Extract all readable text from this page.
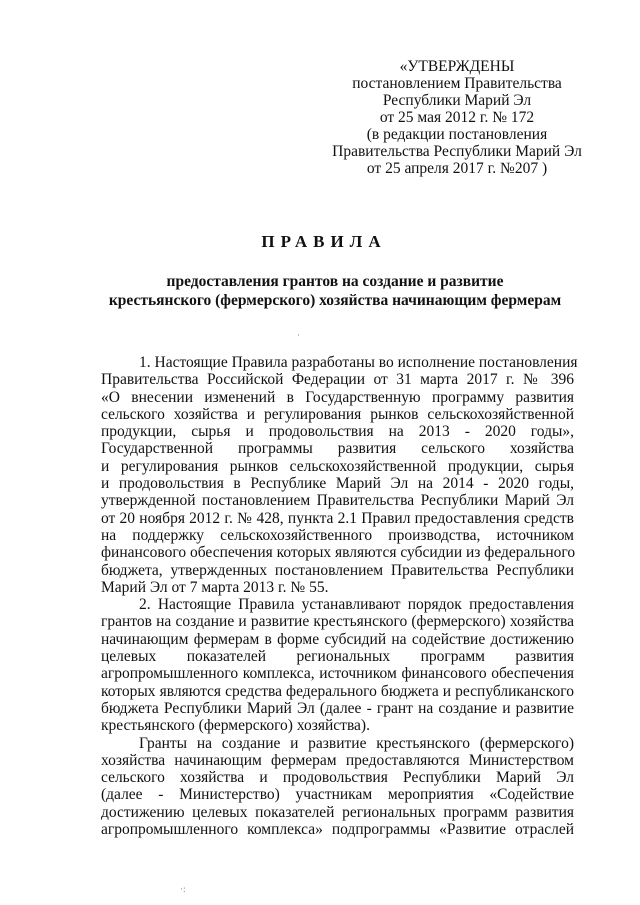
«УТВЕРЖДЕНЫ
постановлением Правительства
Республики Марий Эл
от 25 мая 2012 г. № 172
(в редакции постановления
Правительства Республики Марий Эл
от 25 апреля 2017 г. №207 )
ПРАВИЛА
предоставления грантов на создание и развитие
крестьянского (фермерского) хозяйства начинающим фермерам
1. Настоящие Правила разработаны во исполнение постановления
Правительства Российской Федерации от 31 марта 2017 г. № 396
«О внесении изменений в Государственную программу развития
сельского хозяйства и регулирования рынков сельскохозяйственной
продукции, сырья и продовольствия на 2013 - 2020 годы»,
Государственной программы развития сельского хозяйства
и регулирования рынков сельскохозяйственной продукции, сырья
и продовольствия в Республике Марий Эл на 2014 - 2020 годы,
утвержденной постановлением Правительства Республики Марий Эл
от 20 ноября 2012 г. № 428, пункта 2.1 Правил предоставления средств
на поддержку сельскохозяйственного производства, источником
финансового обеспечения которых являются субсидии из федерального
бюджета, утвержденных постановлением Правительства Республики
Марий Эл от 7 марта 2013 г. № 55.
2. Настоящие Правила устанавливают порядок предоставления
грантов на создание и развитие крестьянского (фермерского) хозяйства
начинающим фермерам в форме субсидий на содействие достижению
целевых показателей региональных программ развития
агропромышленного комплекса, источником финансового обеспечения
которых являются средства федерального бюджета и республиканского
бюджета Республики Марий Эл (далее - грант на создание и развитие
крестьянского (фермерского) хозяйства).
Гранты на создание и развитие крестьянского (фермерского)
хозяйства начинающим фермерам предоставляются Министерством
сельского хозяйства и продовольствия Республики Марий Эл
(далее - Министерство) участникам мероприятия «Содействие
достижению целевых показателей региональных программ развития
агропромышленного комплекса» подпрограммы «Развитие отраслей
·
·:
